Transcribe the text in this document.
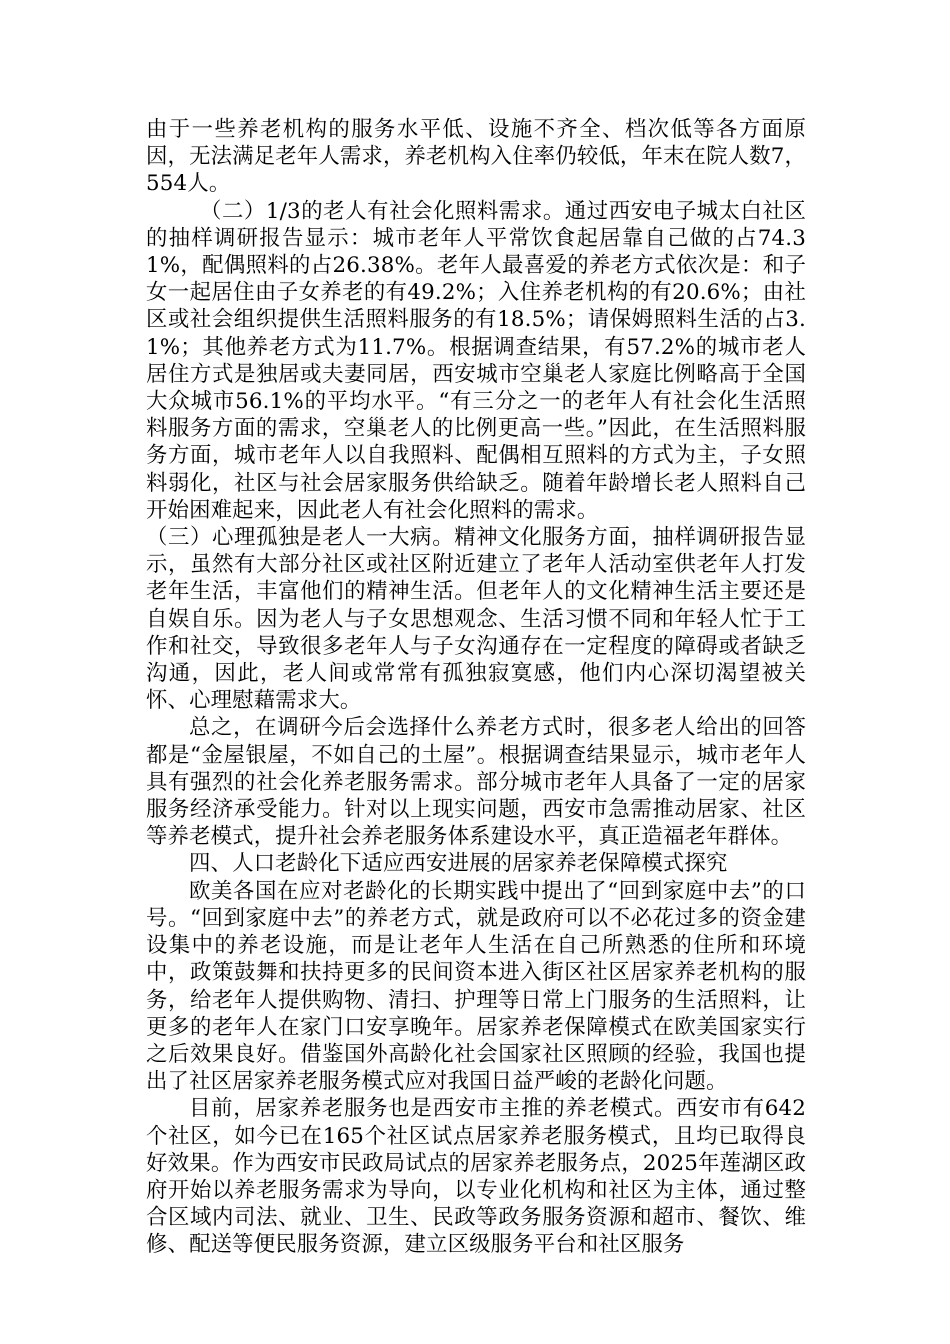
由于一些养老机构的服务水平低、设施不齐全、档次低等各方面原因，无法满足老年人需求，养老机构入住率仍较低，年末在院人数7，554人。

（二）1/3的老人有社会化照料需求。通过西安电子城太白社区的抽样调研报告显示：城市老年人平常饮食起居靠自己做的占74.31%，配偶照料的占26.38%。老年人最喜爱的养老方式依次是：和子女一起居住由子女养老的有49.2%；入住养老机构的有20.6%；由社区或社会组织提供生活照料服务的有18.5%；请保姆照料生活的占3.1%；其他养老方式为11.7%。根据调查结果，有57.2%的城市老人居住方式是独居或夫妻同居，西安城市空巢老人家庭比例略高于全国大众城市56.1%的平均水平。“有三分之一的老年人有社会化生活照料服务方面的需求，空巢老人的比例更高一些。”因此，在生活照料服务方面，城市老年人以自我照料、配偶相互照料的方式为主，子女照料弱化，社区与社会居家服务供给缺乏。随着年龄增长老人照料自己开始困难起来，因此老人有社会化照料的需求。

（三）心理孤独是老人一大病。精神文化服务方面，抽样调研报告显示，虽然有大部分社区或社区附近建立了老年人活动室供老年人打发老年生活，丰富他们的精神生活。但老年人的文化精神生活主要还是自娱自乐。因为老人与子女思想观念、生活习惯不同和年轻人忙于工作和社交，导致很多老年人与子女沟通存在一定程度的障碍或者缺乏沟通，因此，老人间或常常有孤独寂寞感，他们内心深切渴望被关怀、心理慰藉需求大。

总之，在调研今后会选择什么养老方式时，很多老人给出的回答都是“金屋银屋，不如自己的土屋”。根据调查结果显示，城市老年人具有强烈的社会化养老服务需求。部分城市老年人具备了一定的居家服务经济承受能力。针对以上现实问题，西安市急需推动居家、社区等养老模式，提升社会养老服务体系建设水平，真正造福老年群体。

四、人口老龄化下适应西安进展的居家养老保障模式探究

欧美各国在应对老龄化的长期实践中提出了“回到家庭中去”的口号。“回到家庭中去”的养老方式，就是政府可以不必花过多的资金建设集中的养老设施，而是让老年人生活在自己所熟悉的住所和环境中，政策鼓舞和扶持更多的民间资本进入街区社区居家养老机构的服务，给老年人提供购物、清扫、护理等日常上门服务的生活照料，让更多的老年人在家门口安享晚年。居家养老保障模式在欧美国家实行之后效果良好。借鉴国外高龄化社会国家社区照顾的经验，我国也提出了社区居家养老服务模式应对我国日益严峻的老龄化问题。

目前，居家养老服务也是西安市主推的养老模式。西安市有642个社区，如今已在165个社区试点居家养老服务模式，且均已取得良好效果。作为西安市民政局试点的居家养老服务点，2025年莲湖区政府开始以养老服务需求为导向，以专业化机构和社区为主体，通过整合区域内司法、就业、卫生、民政等政务服务资源和超市、餐饮、维修、配送等便民服务资源，建立区级服务平台和社区服务
